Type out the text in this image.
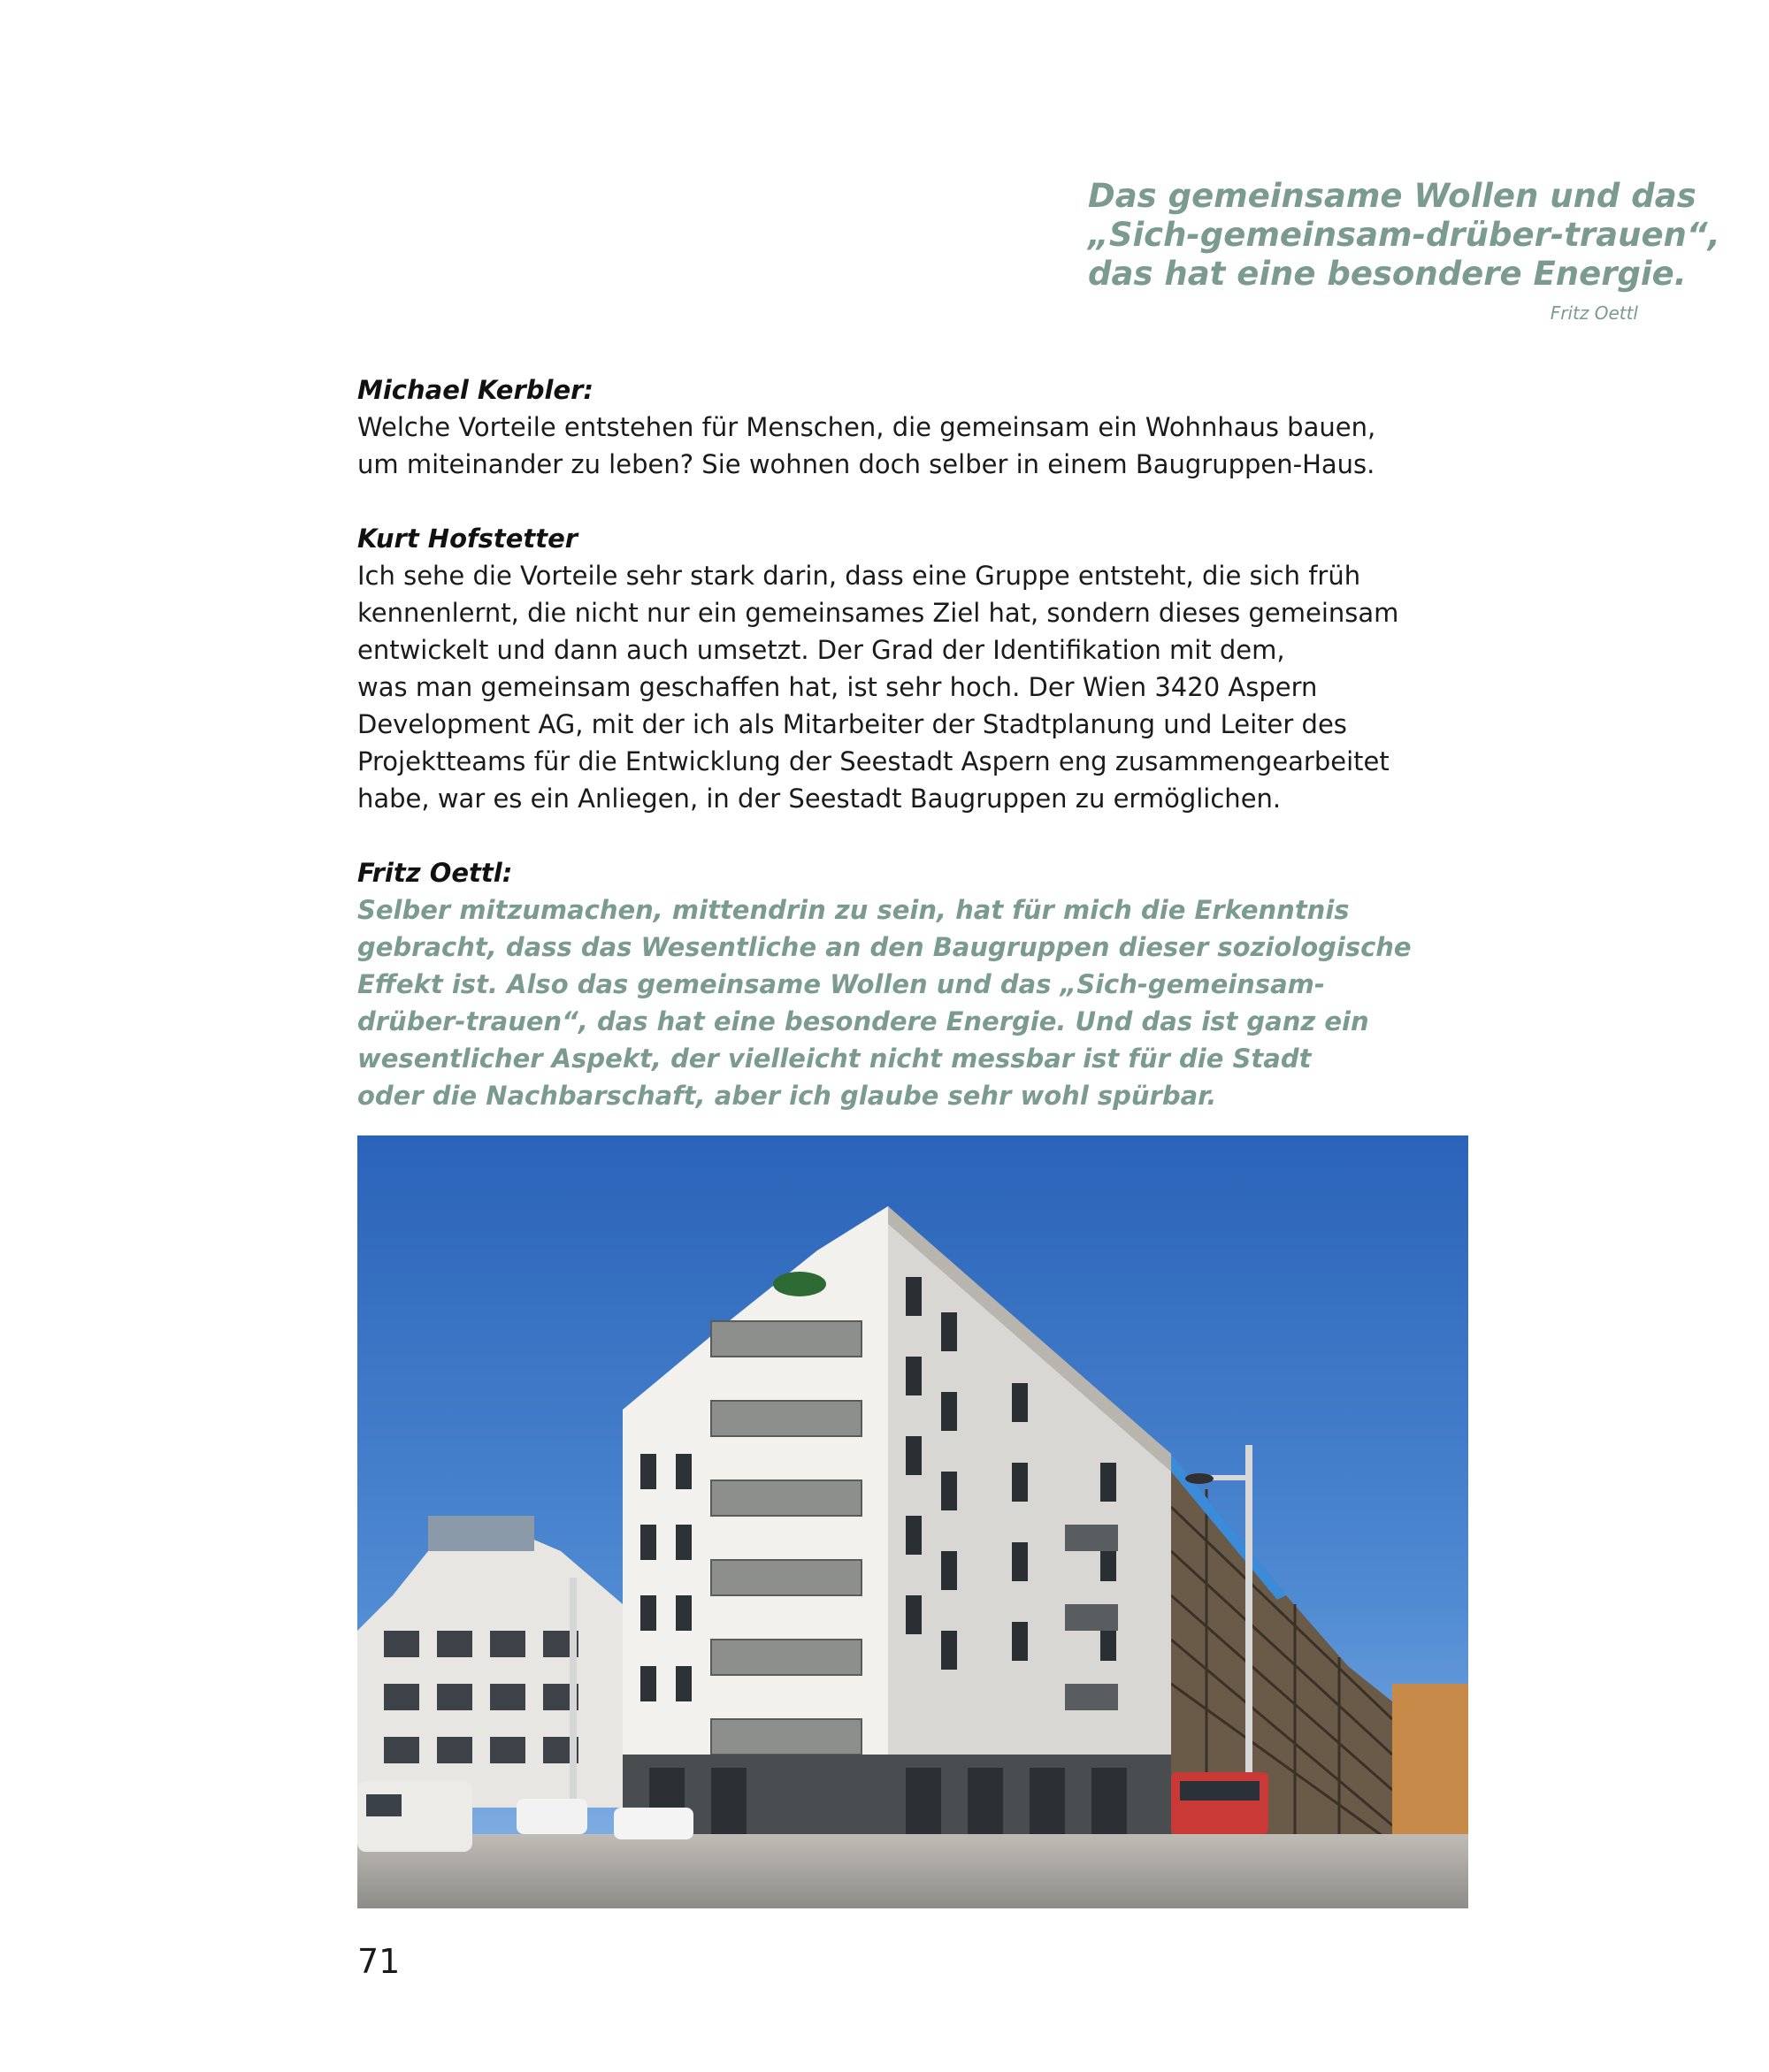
Das gemeinsame Wollen und das
„Sich-gemeinsam-drüber-trauen“,
das hat eine besondere Energie.
Fritz Oettl
Michael Kerbler:
Welche Vorteile entstehen für Menschen, die gemeinsam ein Wohnhaus bauen,
um miteinander zu leben? Sie wohnen doch selber in einem Baugruppen-Haus.
Kurt Hofstetter
Ich sehe die Vorteile sehr stark darin, dass eine Gruppe entsteht, die sich früh
kennenlernt, die nicht nur ein gemeinsames Ziel hat, sondern dieses gemeinsam
entwickelt und dann auch umsetzt. Der Grad der Identifikation mit dem,
was man gemeinsam geschaffen hat, ist sehr hoch. Der Wien 3420 Aspern
Development AG, mit der ich als Mitarbeiter der Stadtplanung und Leiter des
Projektteams für die Entwicklung der Seestadt Aspern eng zusammengearbeitet
habe, war es ein Anliegen, in der Seestadt Baugruppen zu ermöglichen.
Fritz Oettl:
Selber mitzumachen, mittendrin zu sein, hat für mich die Erkenntnis
gebracht, dass das Wesentliche an den Baugruppen dieser soziologische
Effekt ist. Also das gemeinsame Wollen und das „Sich-gemeinsam-
drüber-trauen“, das hat eine besondere Energie. Und das ist ganz ein
wesentlicher Aspekt, der vielleicht nicht messbar ist für die Stadt
oder die Nachbarschaft, aber ich glaube sehr wohl spürbar.
71
